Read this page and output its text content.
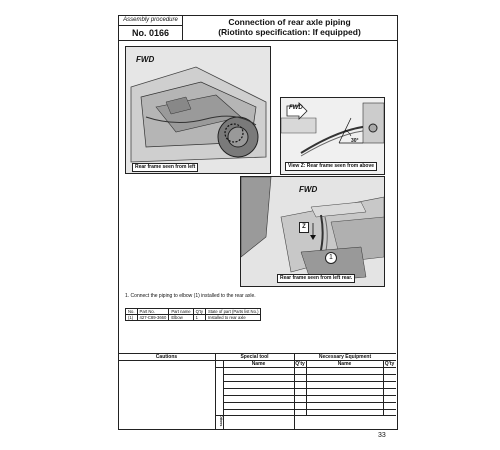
Assembly procedure
No. 0166
Connection of rear axle piping
(Riotinto specification: If equipped)
FWD
Rear frame seen from left
FWD
30°
View Z: Rear frame seen from above
FWD
Z
1
Rear frame seen from left rear.
1. Connect the piping to elbow (1) installed to the rear axle.
No.	Part No.	Part name	Q'ty	State of part (Parts list No.)
(1)	427-C89-3660	Elbow	1	Installed to rear axle
Cautions	Special tool	Necessary Equipment
Name	Q'ty	Name	Q'ty
Others
33
